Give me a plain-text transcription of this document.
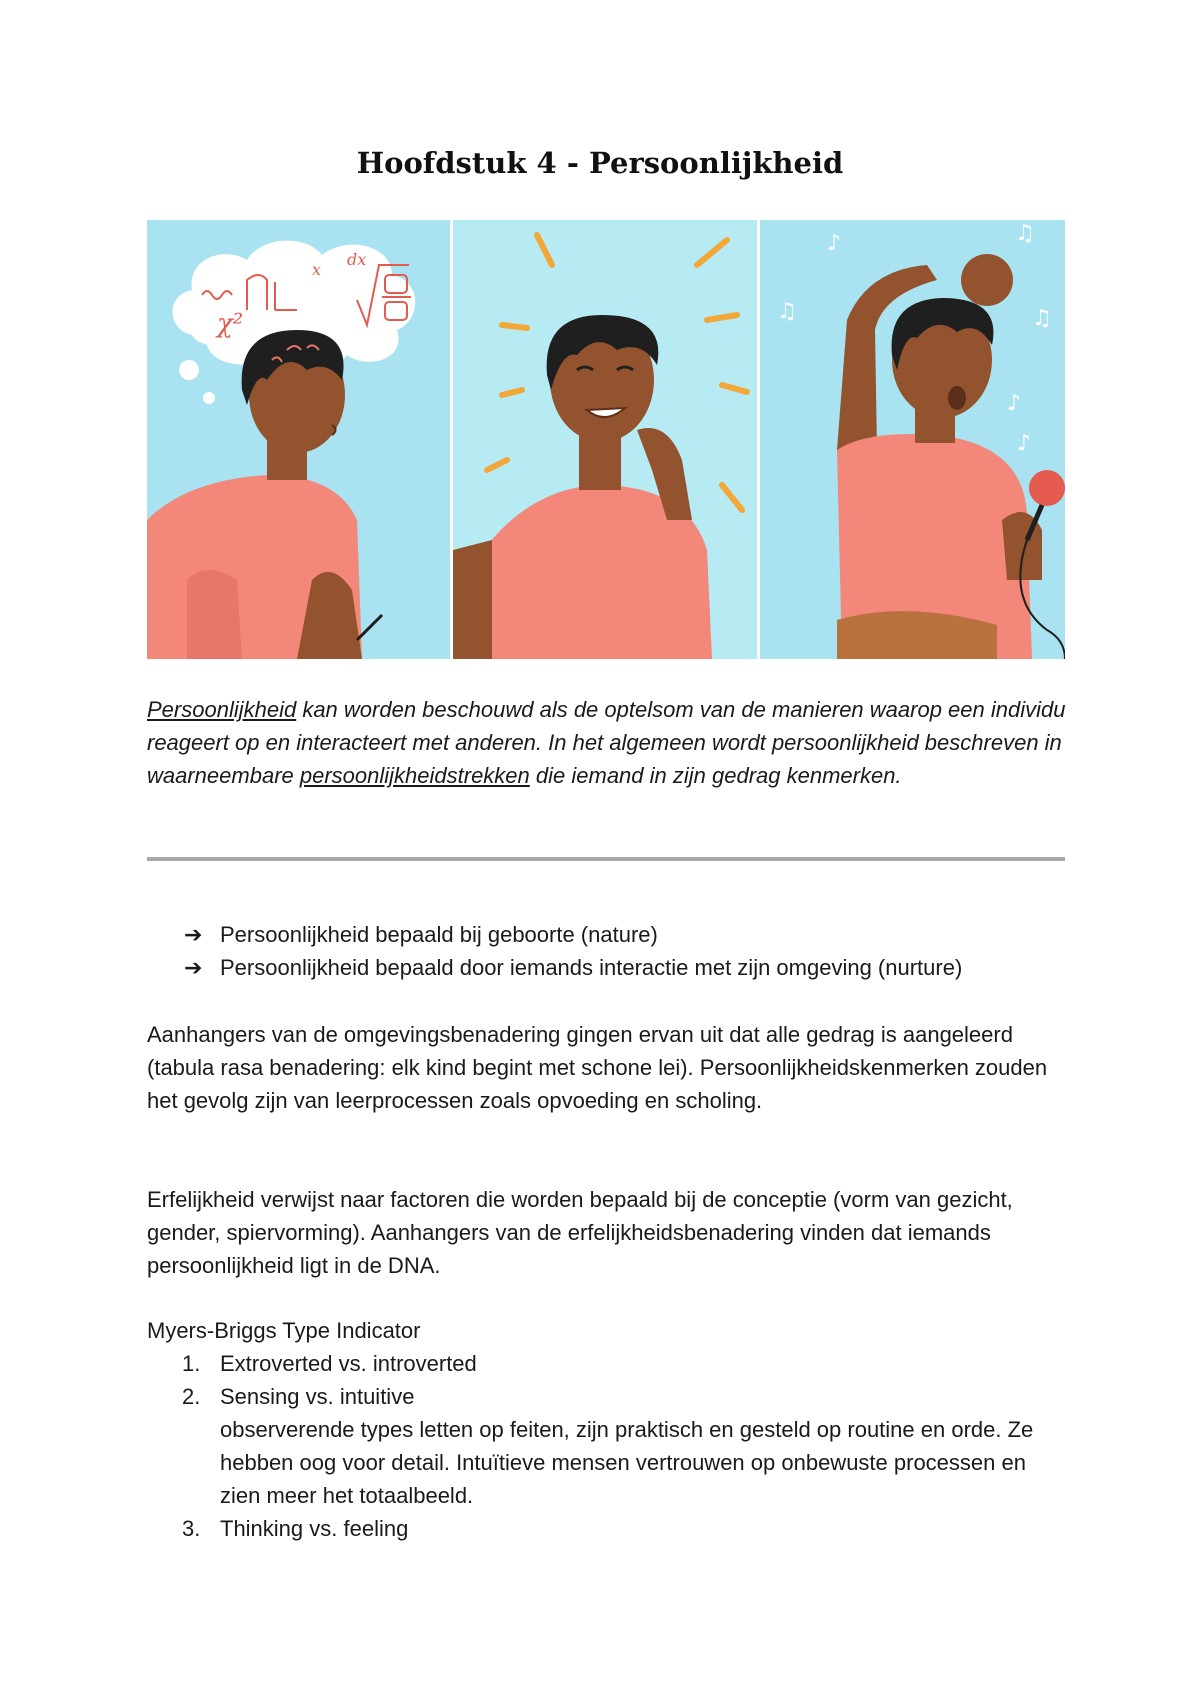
Hoofdstuk 4 - Persoonlijkheid
χ²
x
dx
♪	♫
♫	♫
♪
♪

Persoonlijkheid kan worden beschouwd als de optelsom van de manieren waarop een individu reageert op en interacteert met anderen. In het algemeen wordt persoonlijkheid beschreven in waarneembare persoonlijkheidstrekken die iemand in zijn gedrag kenmerken.

➔ Persoonlijkheid bepaald bij geboorte (nature)
➔ Persoonlijkheid bepaald door iemands interactie met zijn omgeving (nurture)

Aanhangers van de omgevingsbenadering gingen ervan uit dat alle gedrag is aangeleerd (tabula rasa benadering: elk kind begint met schone lei). Persoonlijkheidskenmerken zouden het gevolg zijn van leerprocessen zoals opvoeding en scholing.

Erfelijkheid verwijst naar factoren die worden bepaald bij de conceptie (vorm van gezicht, gender, spiervorming). Aanhangers van de erfelijkheidsbenadering vinden dat iemands persoonlijkheid ligt in de DNA.

Myers-Briggs Type Indicator

1. Extroverted vs. introverted
2. Sensing vs. intuitive
observerende types letten op feiten, zijn praktisch en gesteld op routine en orde. Ze hebben oog voor detail. Intuïtieve mensen vertrouwen op onbewuste processen en zien meer het totaalbeeld.
3. Thinking vs. feeling
